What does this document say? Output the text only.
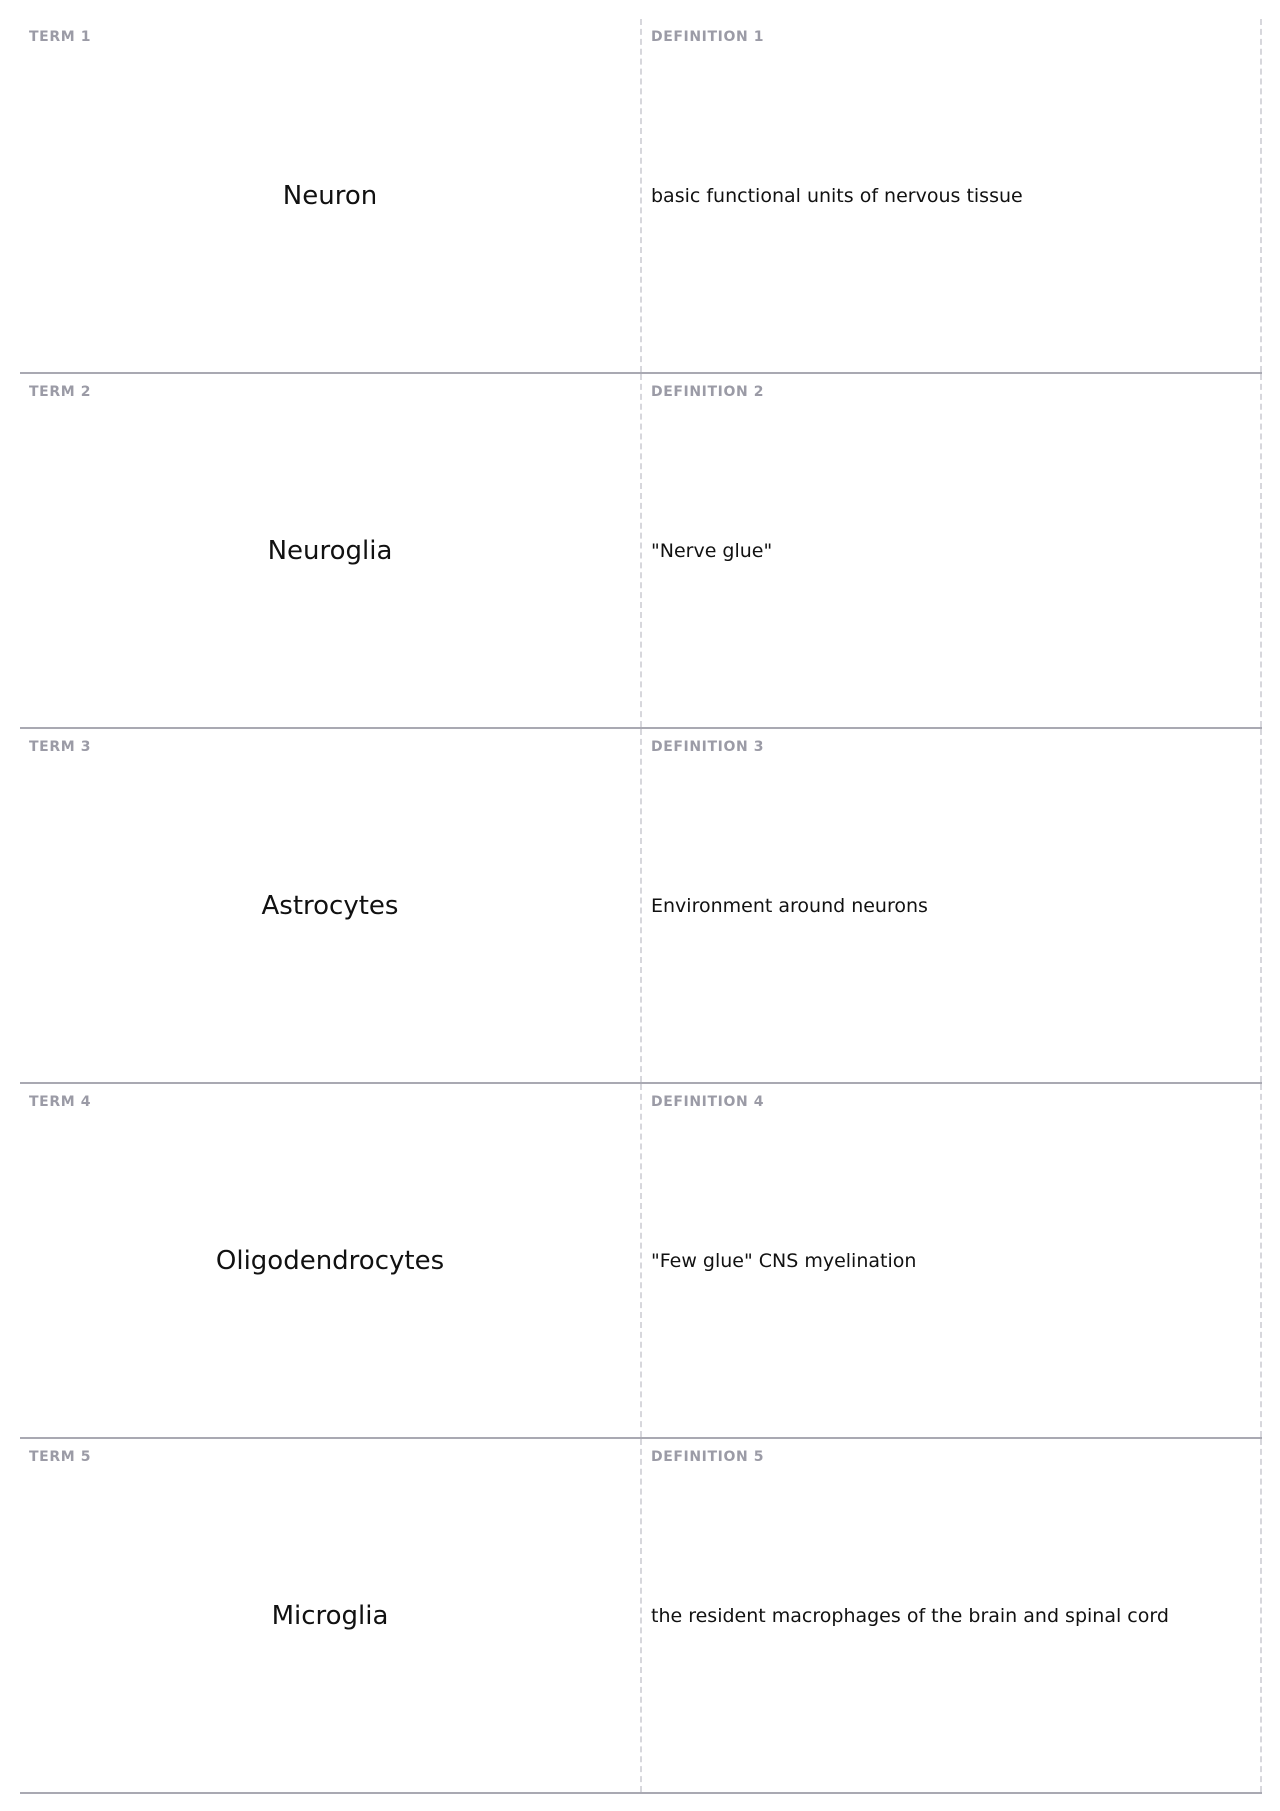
TERM 1
Neuron
DEFINITION 1
basic functional units of nervous tissue
TERM 2
Neuroglia
DEFINITION 2
"Nerve glue"
TERM 3
Astrocytes
DEFINITION 3
Environment around neurons
TERM 4
Oligodendrocytes
DEFINITION 4
"Few glue" CNS myelination
TERM 5
Microglia
DEFINITION 5
the resident macrophages of the brain and spinal cord
